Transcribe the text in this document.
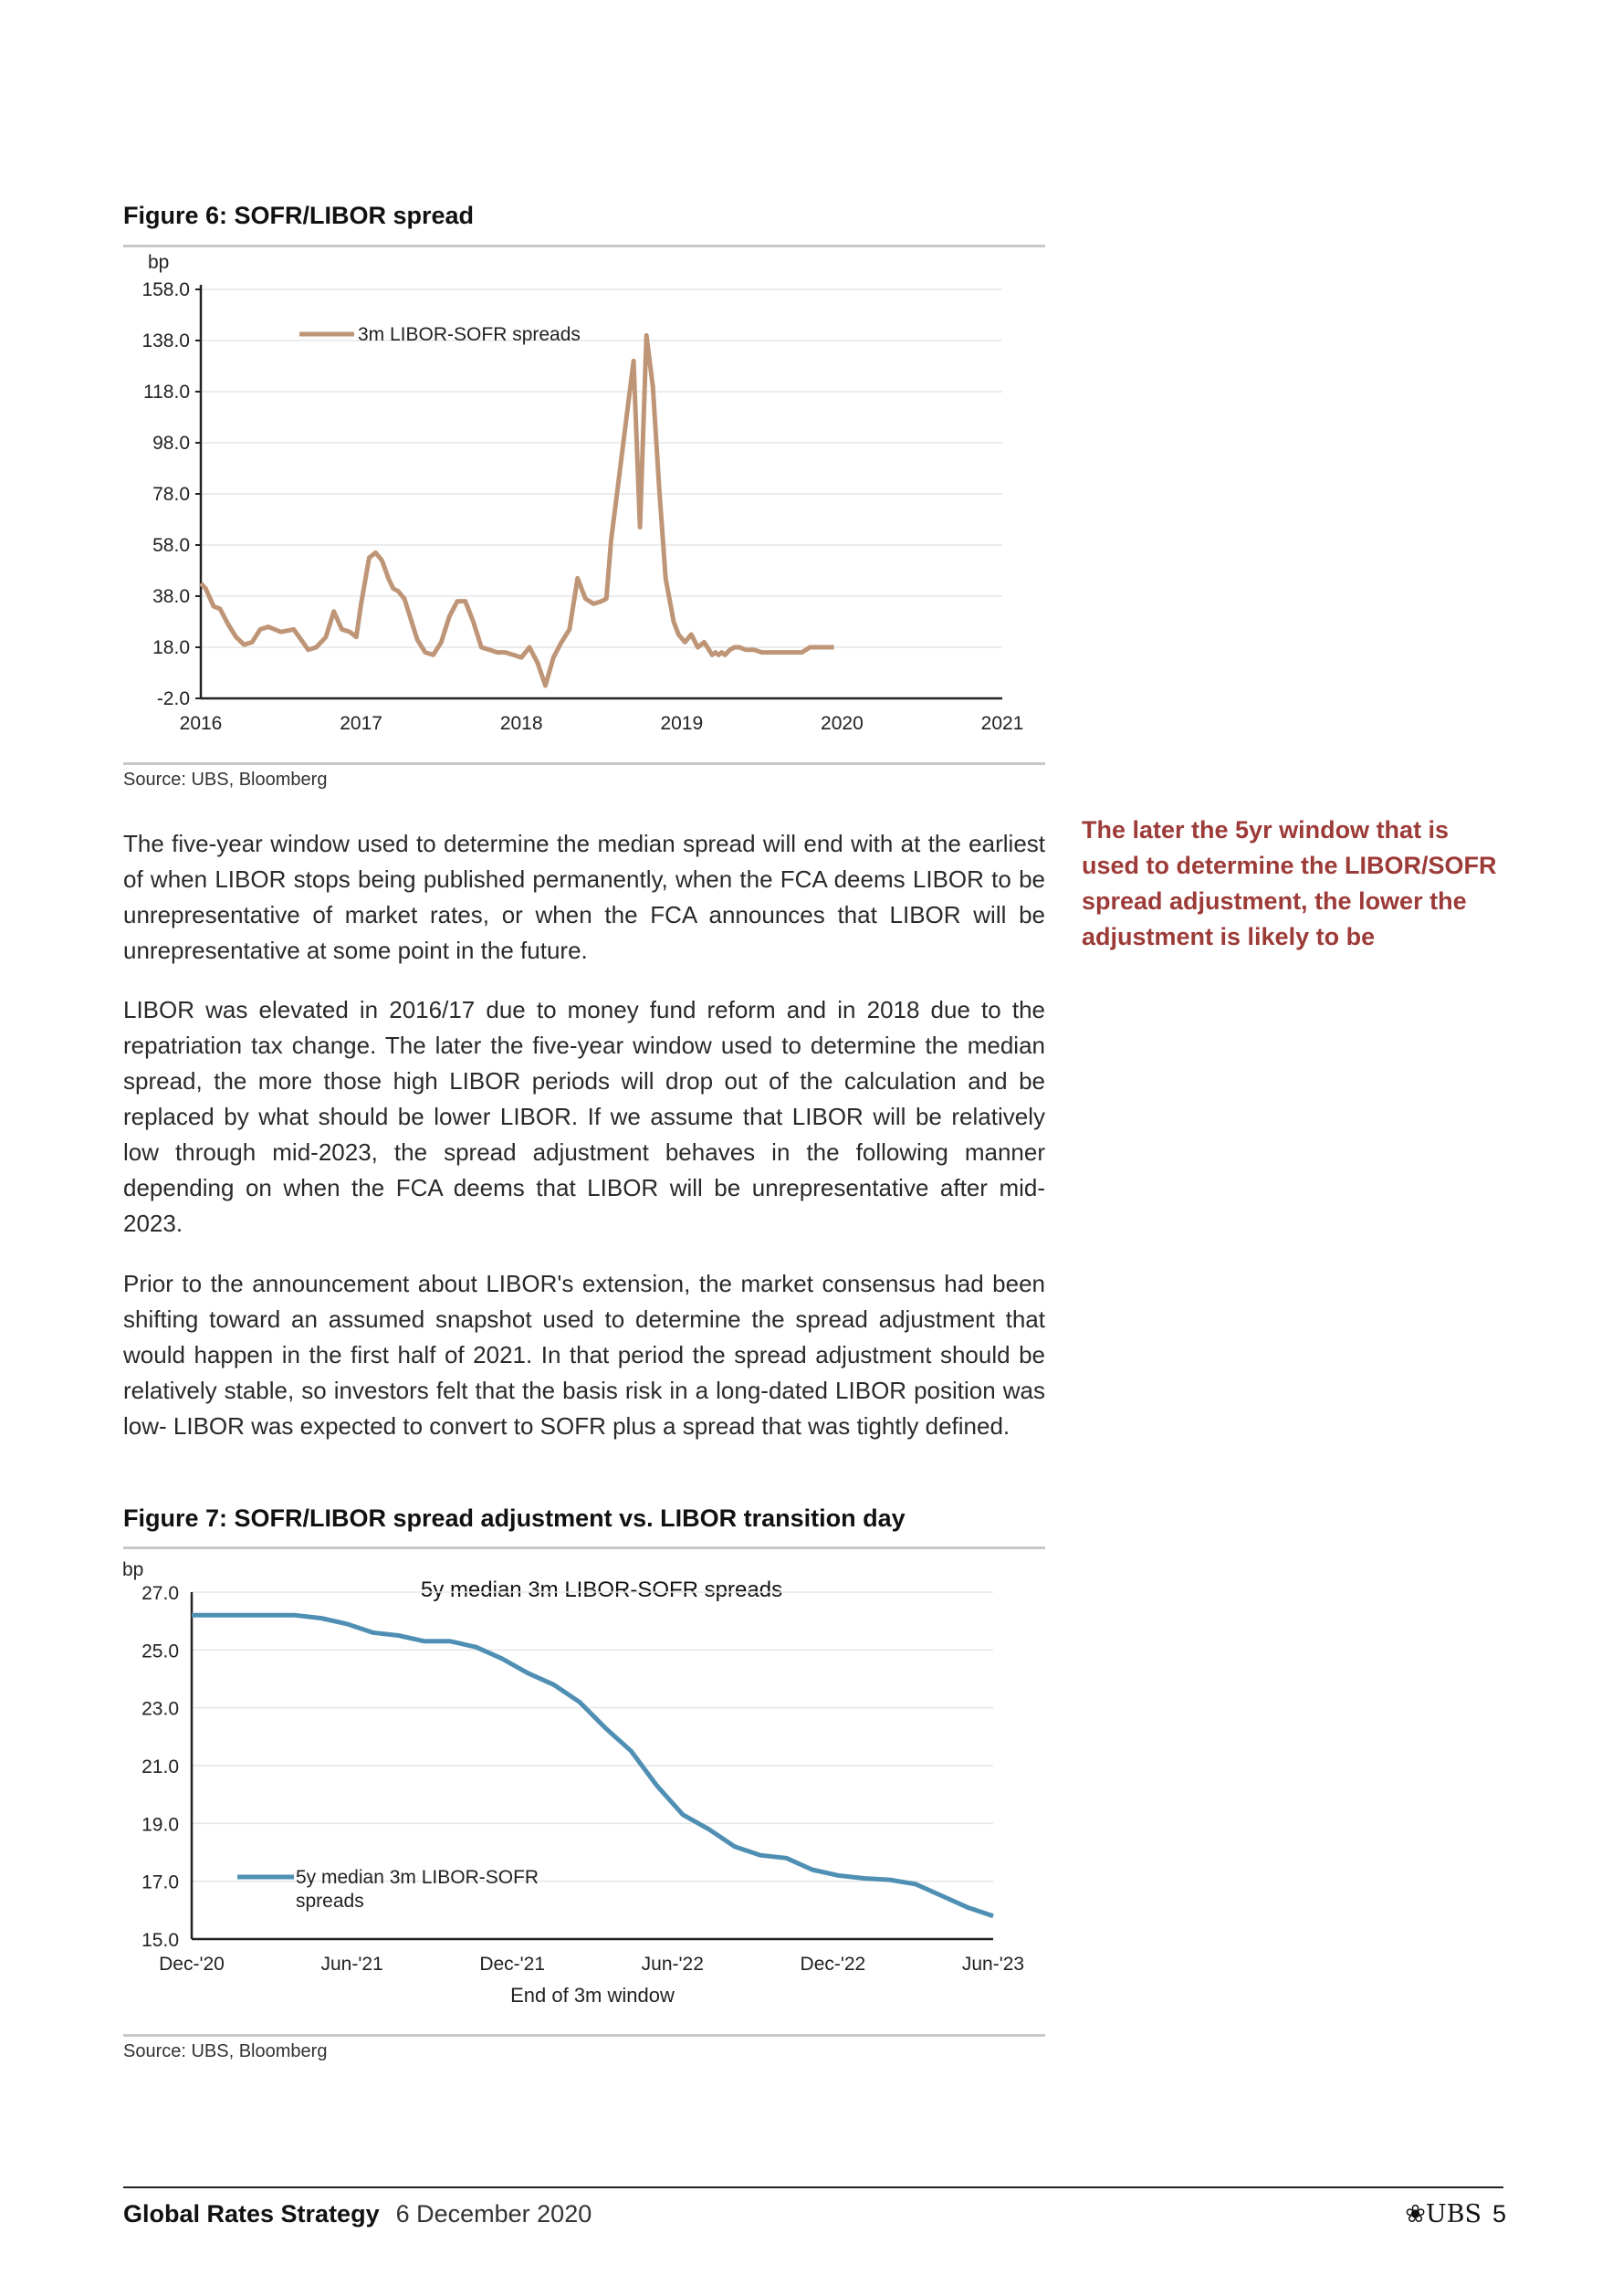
Figure 6: SOFR/LIBOR spread
bp
158.0
138.0
118.0
98.0
78.0
58.0
38.0
18.0
-2.0
2016	2017	2018	2019	2020	2021
3m LIBOR-SOFR spreads
Source: UBS, Bloomberg

The five-year window used to determine the median spread will end with at the earliest of when LIBOR stops being published permanently, when the FCA deems LIBOR to be unrepresentative of market rates, or when the FCA announces that LIBOR will be unrepresentative at some point in the future.

LIBOR was elevated in 2016/17 due to money fund reform and in 2018 due to the repatriation tax change. The later the five-year window used to determine the median spread, the more those high LIBOR periods will drop out of the calculation and be replaced by what should be lower LIBOR. If we assume that LIBOR will be relatively low through mid-2023, the spread adjustment behaves in the following manner depending on when the FCA deems that LIBOR will be unrepresentative after mid-2023.

Prior to the announcement about LIBOR's extension, the market consensus had been shifting toward an assumed snapshot used to determine the spread adjustment that would happen in the first half of 2021. In that period the spread adjustment should be relatively stable, so investors felt that the basis risk in a long-dated LIBOR position was low- LIBOR was expected to convert to SOFR plus a spread that was tightly defined.

The later the 5yr window that is used to determine the LIBOR/SOFR spread adjustment, the lower the adjustment is likely to be

Figure 7: SOFR/LIBOR spread adjustment vs. LIBOR transition day
bp
5y median 3m LIBOR-SOFR spreads
27.0
25.0
23.0
21.0
19.0
17.0
15.0
Dec-'20	Jun-'21	Dec-'21	Jun-'22	Dec-'22	Jun-'23
End of 3m window
5y median 3m LIBOR-SOFR spreads
Source: UBS, Bloomberg
Global Rates Strategy 6 December 2020	❀UBS 5
